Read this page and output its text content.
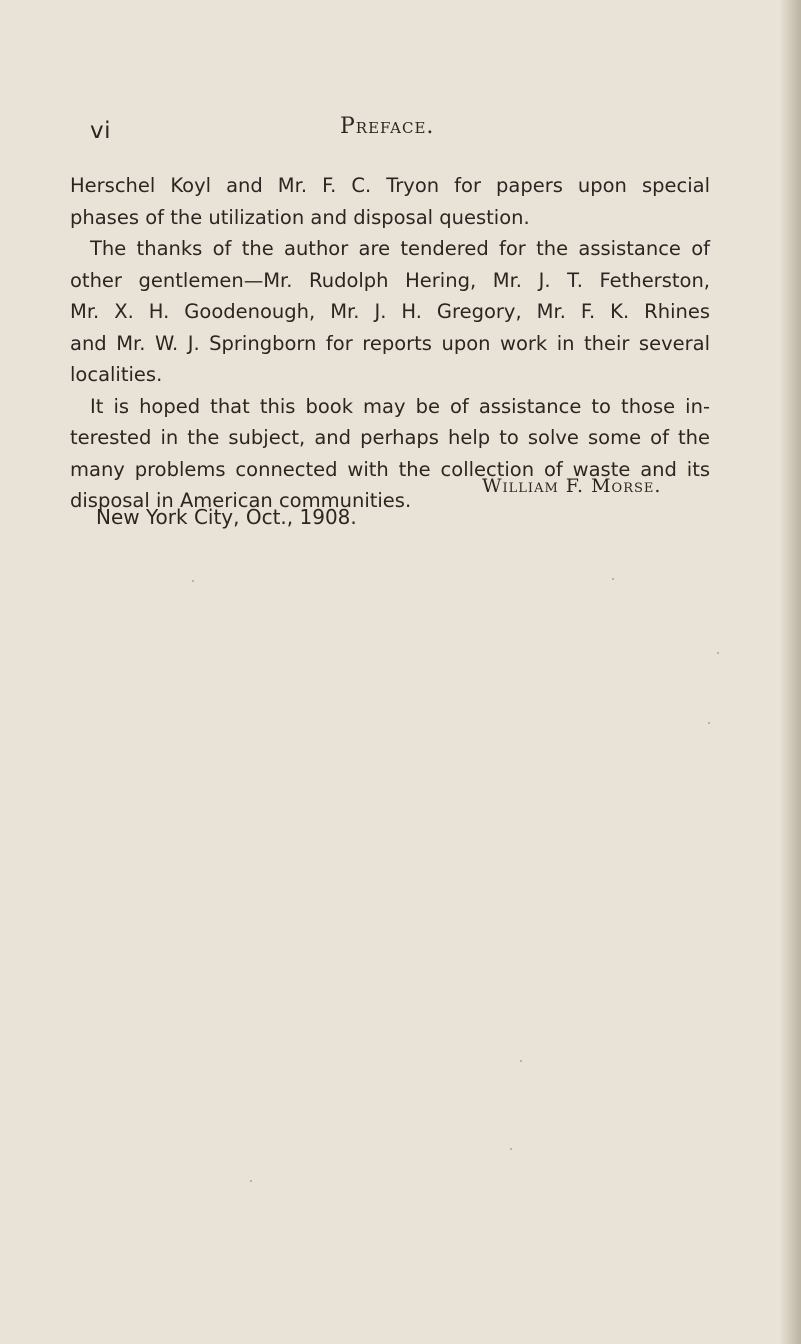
vi	Preface.
Herschel Koyl and Mr. F. C. Tryon for papers upon special
phases of the utilization and disposal question.
The thanks of the author are tendered for the assistance of
other gentlemen—Mr. Rudolph Hering, Mr. J. T. Fetherston,
Mr. X. H. Goodenough, Mr. J. H. Gregory, Mr. F. K. Rhines
and Mr. W. J. Springborn for reports upon work in their several
localities.
It is hoped that this book may be of assistance to those in-
terested in the subject, and perhaps help to solve some of the
many problems connected with the collection of waste and its
disposal in American communities.
William F. Morse.
New York City, Oct., 1908.
